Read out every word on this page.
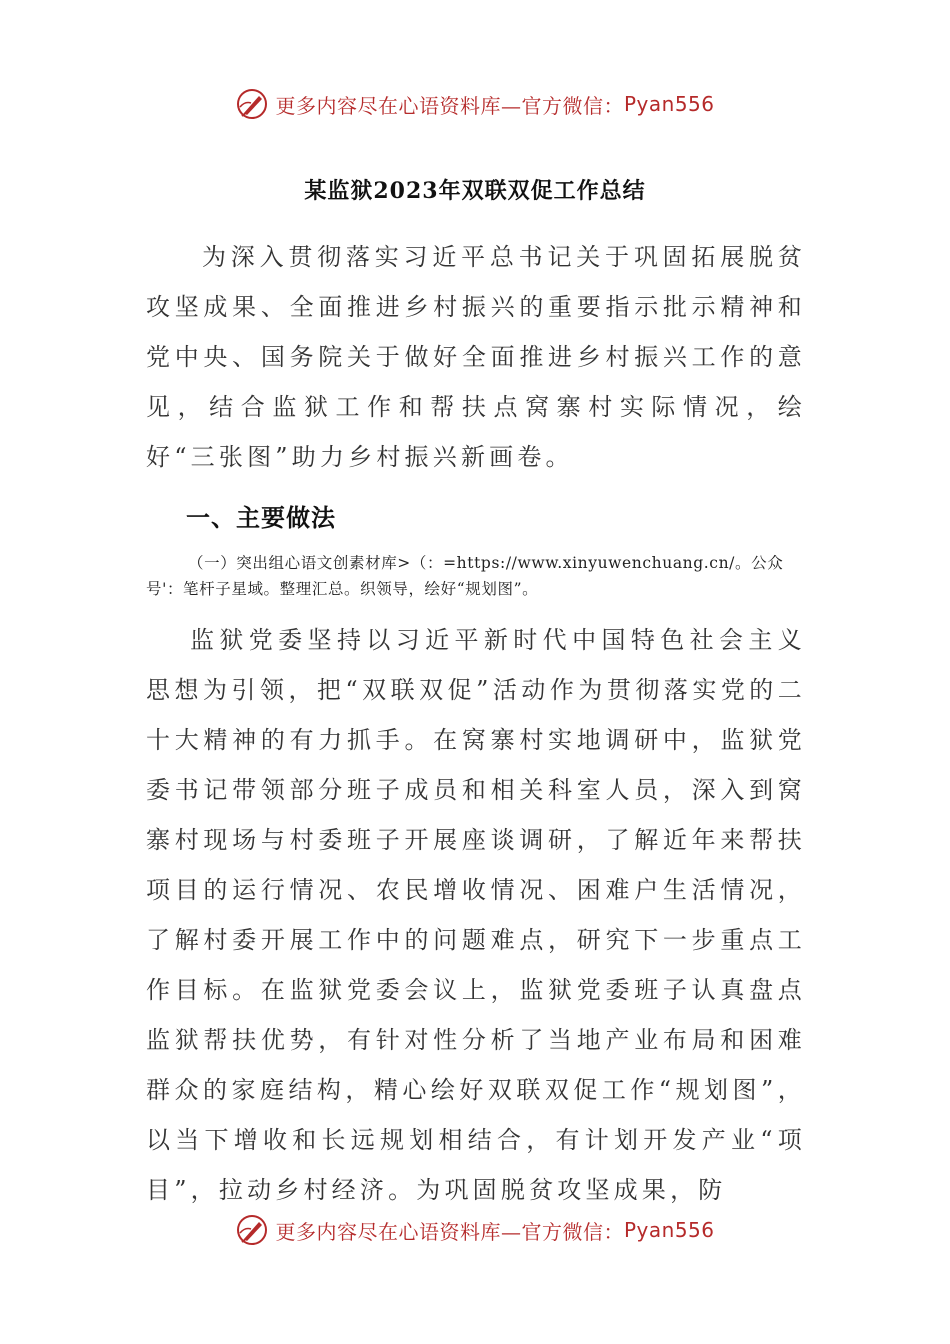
更多内容尽在心语资料库—官方微信： Pyan556
某监狱2023年双联双促工作总结

为深入贯彻落实习近平总书记关于巩固拓展脱贫攻坚成果、全面推进乡村振兴的重要指示批示精神和党中央、国务院关于做好全面推进乡村振兴工作的意见，结合监狱工作和帮扶点窝寨村实际情况，绘好“三张图”助力乡村振兴新画卷。

一、主要做法

（一）突出组心语文创素材库>（：=https://www.xinyuwenchuang.cn/。公众号'：笔杆子星域。整理汇总。织领导，绘好“规划图”。

监狱党委坚持以习近平新时代中国特色社会主义思想为引领，把“双联双促”活动作为贯彻落实党的二十大精神的有力抓手。在窝寨村实地调研中，监狱党委书记带领部分班子成员和相关科室人员，深入到窝寨村现场与村委班子开展座谈调研，了解近年来帮扶项目的运行情况、农民增收情况、困难户生活情况，了解村委开展工作中的问题难点，研究下一步重点工作目标。在监狱党委会议上，监狱党委班子认真盘点监狱帮扶优势，有针对性分析了当地产业布局和困难群众的家庭结构，精心绘好双联双促工作“规划图”，以当下增收和长远规划相结合，有计划开发产业“项目”，拉动乡村经济。为巩固脱贫攻坚成果，防

更多内容尽在心语资料库—官方微信： Pyan556
